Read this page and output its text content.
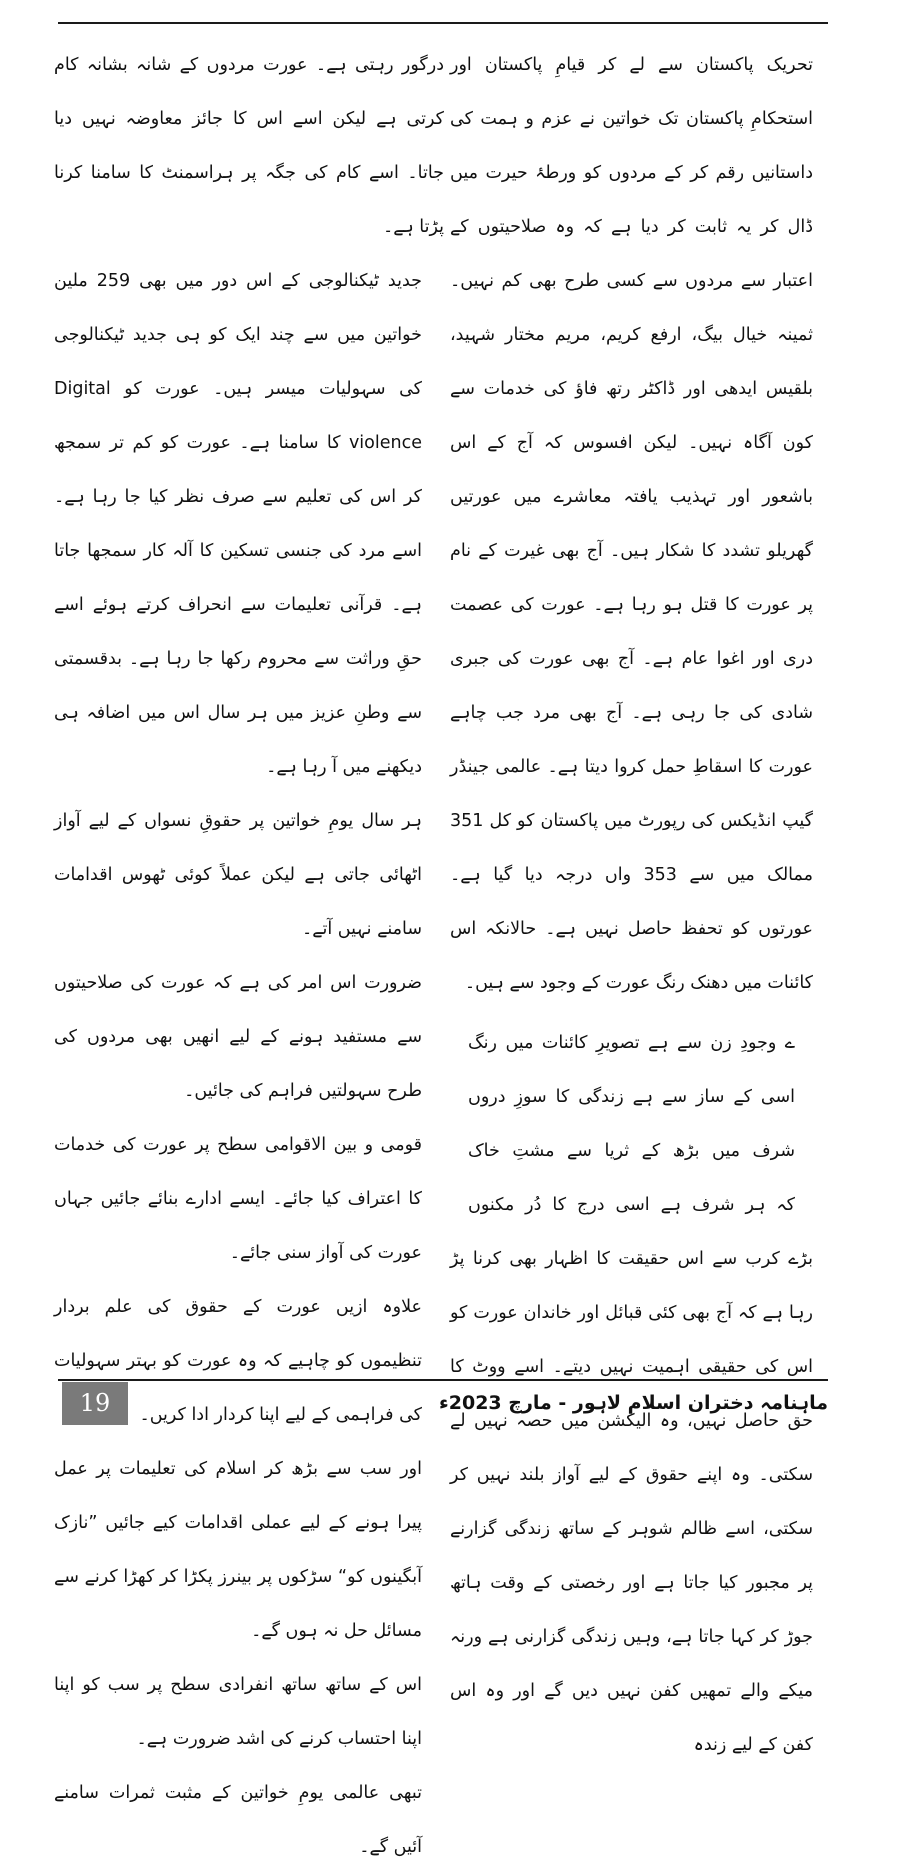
تحریک پاکستان سے لے کر قیامِ پاکستان اور استحکامِ پاکستان تک خواتین نے عزم و ہمت کی داستانیں رقم کر کے مردوں کو ورطۂ حیرت میں ڈال کر یہ ثابت کر دیا ہے کہ وہ صلاحیتوں کے اعتبار سے مردوں سے کسی طرح بھی کم نہیں۔ ثمینہ خیال بیگ، ارفع کریم، مریم مختار شہید، بلقیس ایدھی اور ڈاکٹر رتھ فاؤ کی خدمات سے کون آگاہ نہیں۔ لیکن افسوس کہ آج کے اس باشعور اور تہذیب یافتہ معاشرے میں عورتیں گھریلو تشدد کا شکار ہیں۔ آج بھی غیرت کے نام پر عورت کا قتل ہو رہا ہے۔ عورت کی عصمت دری اور اغوا عام ہے۔ آج بھی عورت کی جبری شادی کی جا رہی ہے۔ آج بھی مرد جب چاہے عورت کا اسقاطِ حمل کروا دیتا ہے۔ عالمی جینڈر گیپ انڈیکس کی رپورٹ میں پاکستان کو کل 351 ممالک میں سے 353 واں درجہ دیا گیا ہے۔ عورتوں کو تحفظ حاصل نہیں ہے۔ حالانکہ اس کائنات میں دھنک رنگ عورت کے وجود سے ہیں۔

ے وجودِ زن سے ہے تصویرِ کائنات میں رنگ
اسی کے ساز سے ہے زندگی کا سوزِ دروں
شرف میں بڑھ کے ثریا سے مشتِ خاک
کہ ہر شرف ہے اسی درج کا دُر مکنوں

بڑے کرب سے اس حقیقت کا اظہار بھی کرنا پڑ رہا ہے کہ آج بھی کئی قبائل اور خاندان عورت کو اس کی حقیقی اہمیت نہیں دیتے۔ اسے ووٹ کا حق حاصل نہیں، وہ الیکشن میں حصہ نہیں لے سکتی۔ وہ اپنے حقوق کے لیے آواز بلند نہیں کر سکتی، اسے ظالم شوہر کے ساتھ زندگی گزارنے پر مجبور کیا جاتا ہے اور رخصتی کے وقت ہاتھ جوڑ کر کہا جاتا ہے، وہیں زندگی گزارنی ہے ورنہ میکے والے تمھیں کفن نہیں دیں گے اور وہ اس کفن کے لیے زندہ

درگور رہتی ہے۔ عورت مردوں کے شانہ بشانہ کام کرتی ہے لیکن اسے اس کا جائز معاوضہ نہیں دیا جاتا۔ اسے کام کی جگہ پر ہراسمنٹ کا سامنا کرنا پڑتا ہے۔

جدید ٹیکنالوجی کے اس دور میں بھی 259 ملین خواتین میں سے چند ایک کو ہی جدید ٹیکنالوجی کی سہولیات میسر ہیں۔ عورت کو Digital violence کا سامنا ہے۔ عورت کو کم تر سمجھ کر اس کی تعلیم سے صرف نظر کیا جا رہا ہے۔ اسے مرد کی جنسی تسکین کا آلہ کار سمجھا جاتا ہے۔ قرآنی تعلیمات سے انحراف کرتے ہوئے اسے حقِ وراثت سے محروم رکھا جا رہا ہے۔ بدقسمتی سے وطنِ عزیز میں ہر سال اس میں اضافہ ہی دیکھنے میں آ رہا ہے۔

ہر سال یومِ خواتین پر حقوقِ نسواں کے لیے آواز اٹھائی جاتی ہے لیکن عملاً کوئی ٹھوس اقدامات سامنے نہیں آتے۔

ضرورت اس امر کی ہے کہ عورت کی صلاحیتوں سے مستفید ہونے کے لیے انھیں بھی مردوں کی طرح سہولتیں فراہم کی جائیں۔

قومی و بین الاقوامی سطح پر عورت کی خدمات کا اعتراف کیا جائے۔ ایسے ادارے بنائے جائیں جہاں عورت کی آواز سنی جائے۔

علاوہ ازیں عورت کے حقوق کی علم بردار تنظیموں کو چاہیے کہ وہ عورت کو بہتر سہولیات کی فراہمی کے لیے اپنا کردار ادا کریں۔

اور سب سے بڑھ کر اسلام کی تعلیمات پر عمل پیرا ہونے کے لیے عملی اقدامات کیے جائیں ”نازک آبگینوں کو“ سڑکوں پر بینرز پکڑا کر کھڑا کرنے سے مسائل حل نہ ہوں گے۔

اس کے ساتھ ساتھ انفرادی سطح پر سب کو اپنا اپنا احتساب کرنے کی اشد ضرورت ہے۔

تبھی عالمی یومِ خواتین کے مثبت ثمرات سامنے آئیں گے۔

19	ماہنامہ دختران اسلام لاہور - مارچ 2023ء
